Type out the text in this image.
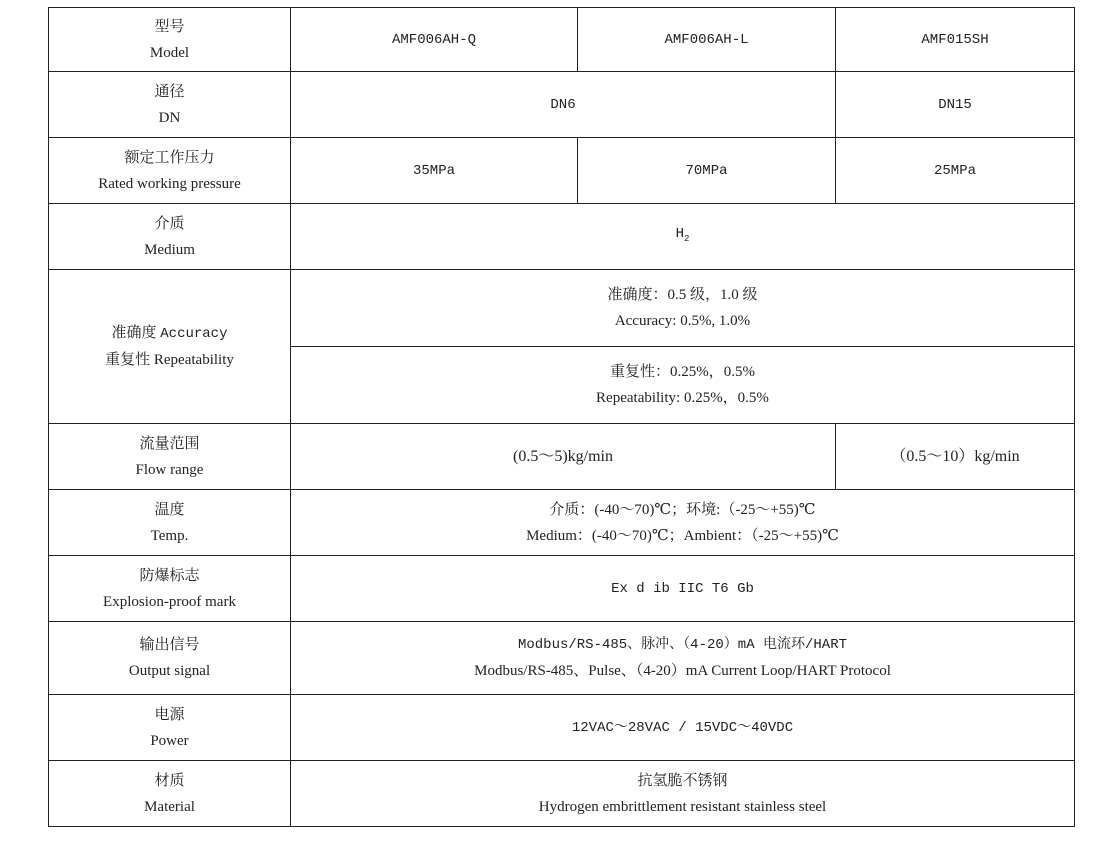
型号
Model	AMF006AH-Q	AMF006AH-L	AMF015SH

通径
DN	DN6		DN15

额定工作压力
Rated working pressure	35MPa	70MPa	25MPa

介质
Medium	$H_2$

准确度 Accuracy
重复性 Repeatability	准确度：0.5 级，1.0 级
Accuracy: 0.5%, 1.0%		

	重复性：0.25%，0.5%
Repeatability: 0.25%，0.5%		

流量范围
Flow range	(0.5～5)kg/min		（0.5～10）kg/min

温度
Temp.	介质：(-40～70)℃；环境:（-25～+55)℃
Medium：(-40～70)℃；Ambient：（-25～+55)℃		

防爆标志
Explosion-proof mark	Ex d ib IIC T6 Gb		

输出信号
Output signal	Modbus/RS-485、脉冲、（4-20）mA 电流环/HART
Modbus/RS-485、Pulse、（4-20）mA Current Loop/HART Protocol		

电源
Power	12VAC～28VAC / 15VDC～40VDC		

材质
Material	抗氢脆不锈钢
Hydrogen embrittlement resistant stainless steel		
